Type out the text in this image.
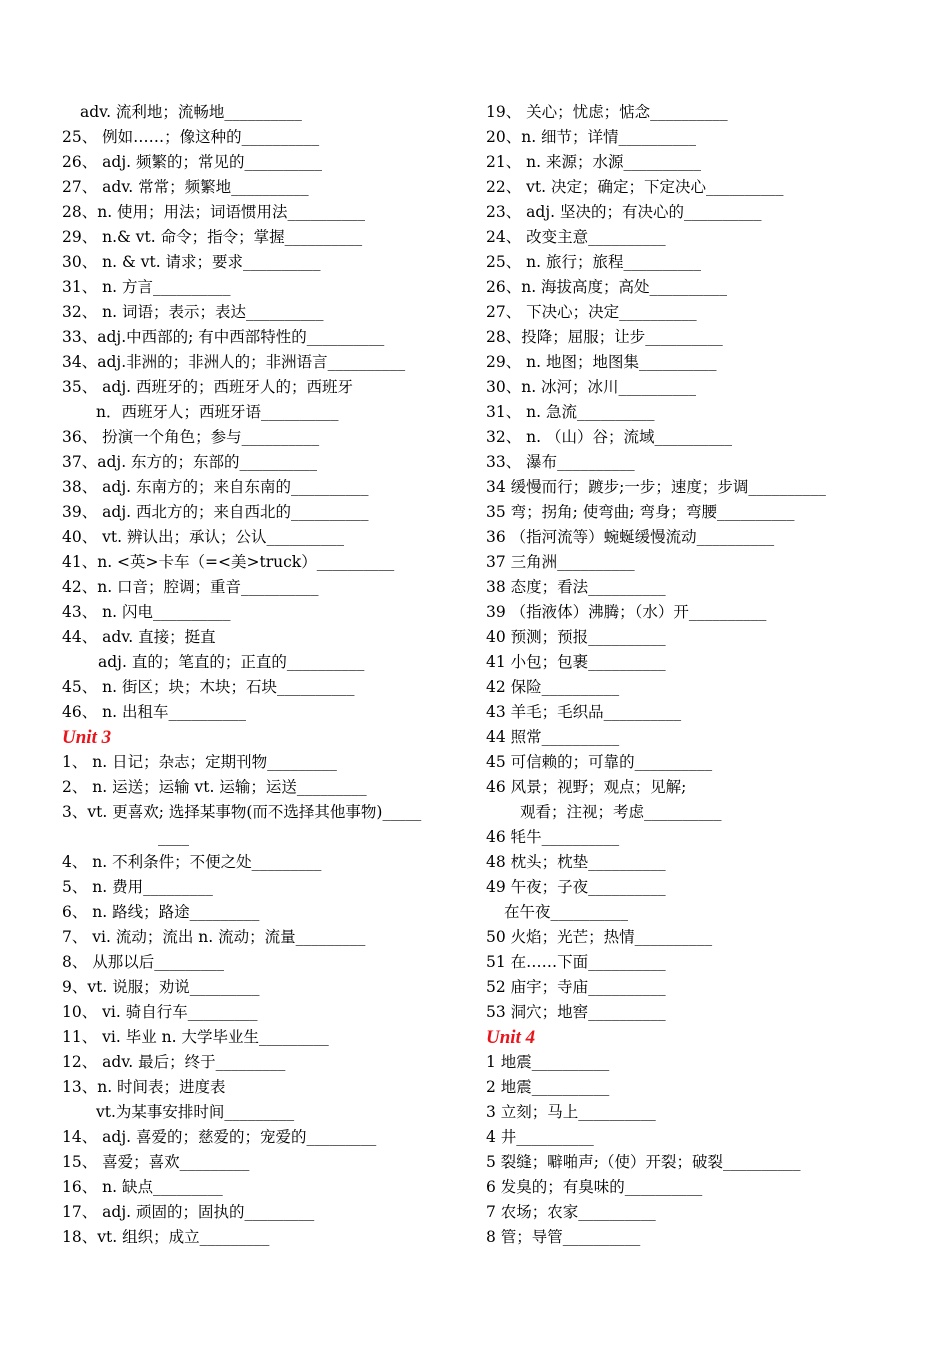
adv. 流利地；流畅地__________
25、 例如……；像这种的__________
26、 adj. 频繁的；常见的__________
27、 adv. 常常；频繁地__________
28、n. 使用；用法；词语惯用法__________
29、 n.& vt. 命令；指令；掌握__________
30、 n. & vt. 请求；要求__________
31、 n. 方言__________
32、 n. 词语；表示；表达__________
33、adj.中西部的; 有中西部特性的__________
34、adj.非洲的；非洲人的；非洲语言__________
35、 adj. 西班牙的；西班牙人的；西班牙
n．西班牙人；西班牙语__________
36、 扮演一个角色；参与__________
37、adj. 东方的；东部的__________
38、 adj. 东南方的；来自东南的__________
39、 adj. 西北方的；来自西北的__________
40、 vt. 辨认出；承认；公认__________
41、n. <英>卡车（=<美>truck）__________
42、n. 口音；腔调；重音__________
43、 n. 闪电__________
44、 adv. 直接；挺直
adj. 直的；笔直的；正直的__________
45、 n. 街区；块；木块；石块__________
46、 n. 出租车__________
Unit 3
1、 n. 日记；杂志；定期刊物_________
2、 n. 运送；运输 vt. 运输；运送_________
3、vt. 更喜欢; 选择某事物(而不选择其他事物)_____
____
4、 n. 不利条件；不便之处_________
5、 n. 费用_________
6、 n. 路线；路途_________
7、 vi. 流动；流出 n. 流动；流量_________
8、 从那以后_________
9、vt. 说服；劝说_________
10、 vi. 骑自行车_________
11、 vi. 毕业 n. 大学毕业生_________
12、 adv. 最后；终于_________
13、n. 时间表；进度表
vt.为某事安排时间_________
14、 adj. 喜爱的；慈爱的；宠爱的_________
15、 喜爱；喜欢_________
16、 n. 缺点_________
17、 adj. 顽固的；固执的_________
18、vt. 组织；成立_________
19、 关心；忧虑；惦念__________
20、n. 细节；详情__________
21、 n. 来源；水源__________
22、 vt. 决定；确定；下定决心__________
23、 adj. 坚决的；有决心的__________
24、 改变主意__________
25、 n. 旅行；旅程__________
26、n. 海拔高度；高处__________
27、 下决心；决定__________
28、投降；屈服；让步__________
29、 n. 地图；地图集__________
30、n. 冰河；冰川__________
31、 n. 急流__________
32、 n. （山）谷；流域__________
33、 瀑布__________
34 缓慢而行；踱步;一步；速度；步调__________
35 弯；拐角; 使弯曲; 弯身；弯腰__________
36 （指河流等）蜿蜒缓慢流动__________
37 三角洲__________
38 态度；看法__________
39 （指液体）沸腾；（水）开__________
40 预测；预报__________
41 小包；包裹__________
42 保险__________
43 羊毛；毛织品__________
44 照常__________
45 可信赖的；可靠的__________
46 风景；视野；观点；见解;
观看；注视；考虑__________
46 牦牛__________
48 枕头；枕垫__________
49 午夜；子夜__________
在午夜__________
50 火焰；光芒；热情__________
51 在……下面__________
52 庙宇；寺庙__________
53 洞穴；地窖__________
Unit 4
1 地震__________
2 地震__________
3 立刻；马上__________
4 井__________
5 裂缝；噼啪声;（使）开裂；破裂__________
6 发臭的；有臭味的__________
7 农场；农家__________
8 管；导管__________
